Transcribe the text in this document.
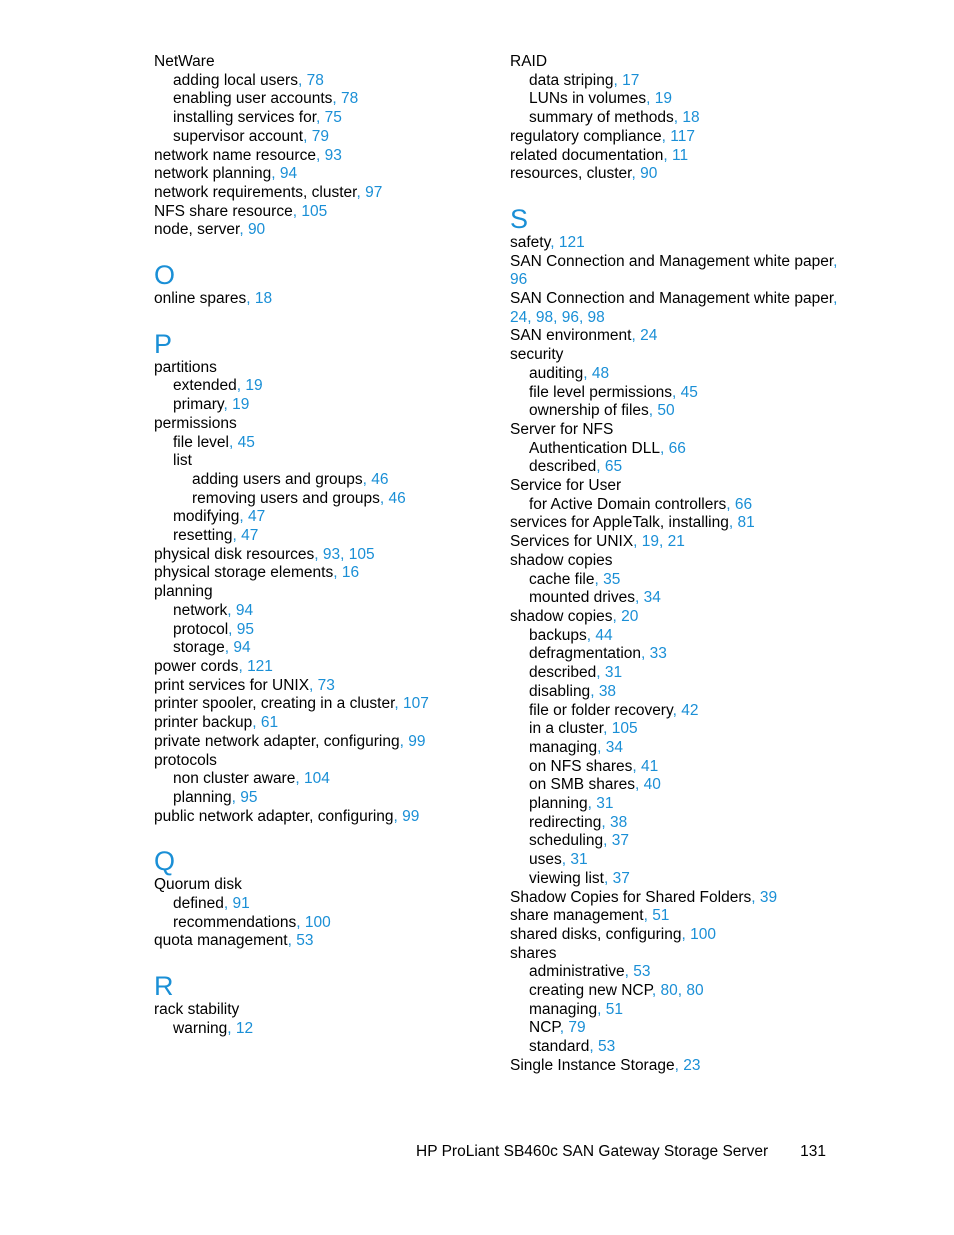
NetWare
adding local users, 78
enabling user accounts, 78
installing services for, 75
supervisor account, 79
network name resource, 93
network planning, 94
network requirements, cluster, 97
NFS share resource, 105
node, server, 90
O
online spares, 18
P
partitions
extended, 19
primary, 19
permissions
file level, 45
list
adding users and groups, 46
removing users and groups, 46
modifying, 47
resetting, 47
physical disk resources, 93, 105
physical storage elements, 16
planning
network, 94
protocol, 95
storage, 94
power cords, 121
print services for UNIX, 73
printer spooler, creating in a cluster, 107
printer backup, 61
private network adapter, configuring, 99
protocols
non cluster aware, 104
planning, 95
public network adapter, configuring, 99
Q
Quorum disk
defined, 91
recommendations, 100
quota management, 53
R
rack stability
warning, 12
RAID
data striping, 17
LUNs in volumes, 19
summary of methods, 18
regulatory compliance, 117
related documentation, 11
resources, cluster, 90
S
safety, 121
SAN Connection and Management white paper,
96
SAN Connection and Management white paper,
24, 98, 96, 98
SAN environment, 24
security
auditing, 48
file level permissions, 45
ownership of files, 50
Server for NFS
Authentication DLL, 66
described, 65
Service for User
for Active Domain controllers, 66
services for AppleTalk, installing, 81
Services for UNIX, 19, 21
shadow copies
cache file, 35
mounted drives, 34
shadow copies, 20
backups, 44
defragmentation, 33
described, 31
disabling, 38
file or folder recovery, 42
in a cluster, 105
managing, 34
on NFS shares, 41
on SMB shares, 40
planning, 31
redirecting, 38
scheduling, 37
uses, 31
viewing list, 37
Shadow Copies for Shared Folders, 39
share management, 51
shared disks, configuring, 100
shares
administrative, 53
creating new NCP, 80, 80
managing, 51
NCP, 79
standard, 53
Single Instance Storage, 23
HP ProLiant SB460c SAN Gateway Storage Server 131
